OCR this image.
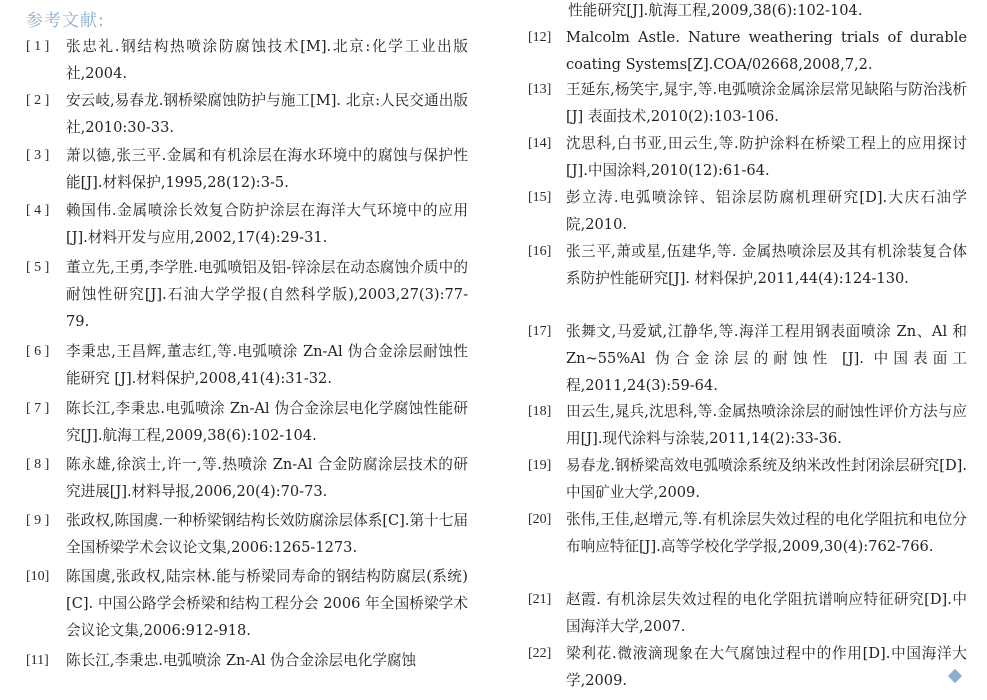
参考文献:
性能研究[J].航海工程,2009,38(6):102-104.
[ 1 ]	张忠礼.钢结构热喷涂防腐蚀技术[M].北京:化学工业出版社,2004.
[ 2 ]	安云岐,易春龙.钢桥梁腐蚀防护与施工[M]. 北京:人民交通出版社,2010:30-33.
[ 3 ]	萧以德,张三平.金属和有机涂层在海水环境中的腐蚀与保护性能[J].材料保护,1995,28(12):3-5.
[ 4 ]	赖国伟.金属喷涂长效复合防护涂层在海洋大气环境中的应用 [J].材料开发与应用,2002,17(4):29-31.
[ 5 ]	董立先,王勇,李学胜.电弧喷铝及铝-锌涂层在动态腐蚀介质中的耐蚀性研究[J].石油大学学报(自然科学版),2003,27(3):77-79.
[ 6 ]	李秉忠,王昌辉,董志红,等.电弧喷涂 Zn-Al 伪合金涂层耐蚀性能研究 [J].材料保护,2008,41(4):31-32.
[ 7 ]	陈长江,李秉忠.电弧喷涂 Zn-Al 伪合金涂层电化学腐蚀性能研究[J].航海工程,2009,38(6):102-104.
[ 8 ]	陈永雄,徐滨士,许一,等.热喷涂 Zn-Al 合金防腐涂层技术的研究进展[J].材料导报,2006,20(4):70-73.
[ 9 ]	张政权,陈国虞.一种桥梁钢结构长效防腐涂层体系[C].第十七届全国桥梁学术会议论文集,2006:1265-1273.
[10]	陈国虞,张政权,陆宗林.能与桥梁同寿命的钢结构防腐层(系统)[C]. 中国公路学会桥梁和结构工程分会 2006 年全国桥梁学术会议论文集,2006:912-918.
[11]	陈长江,李秉忠.电弧喷涂 Zn-Al 伪合金涂层电化学腐蚀
[12]	Malcolm Astle. Nature weathering trials of durable coating Systems[Z].COA/02668,2008,7,2.
[13]	王延东,杨笑宇,晁宇,等.电弧喷涂金属涂层常见缺陷与防治浅析[J] 表面技术,2010(2):103-106.
[14]	沈思科,白书亚,田云生,等.防护涂料在桥梁工程上的应用探讨[J].中国涂料,2010(12):61-64.
[15]	彭立涛.电弧喷涂锌、铝涂层防腐机理研究[D].大庆石油学院,2010.
[16]	张三平,萧或星,伍建华,等. 金属热喷涂层及其有机涂装复合体系防护性能研究[J]. 材料保护,2011,44(4):124-130.
[17]	张舞文,马爱斌,江静华,等.海洋工程用钢表面喷涂 Zn、Al 和 Zn~55%Al 伪合金涂层的耐蚀性 [J]. 中国表面工程,2011,24(3):59-64.
[18]	田云生,晁兵,沈思科,等.金属热喷涂涂层的耐蚀性评价方法与应用[J].现代涂料与涂装,2011,14(2):33-36.
[19]	易春龙.钢桥梁高效电弧喷涂系统及纳米改性封闭涂层研究[D].中国矿业大学,2009.
[20]	张伟,王佳,赵增元,等.有机涂层失效过程的电化学阻抗和电位分布响应特征[J].高等学校化学学报,2009,30(4):762-766.
[21]	赵霞. 有机涂层失效过程的电化学阻抗谱响应特征研究[D].中国海洋大学,2007.
[22]	梁利花.微液滴现象在大气腐蚀过程中的作用[D].中国海洋大学,2009.
